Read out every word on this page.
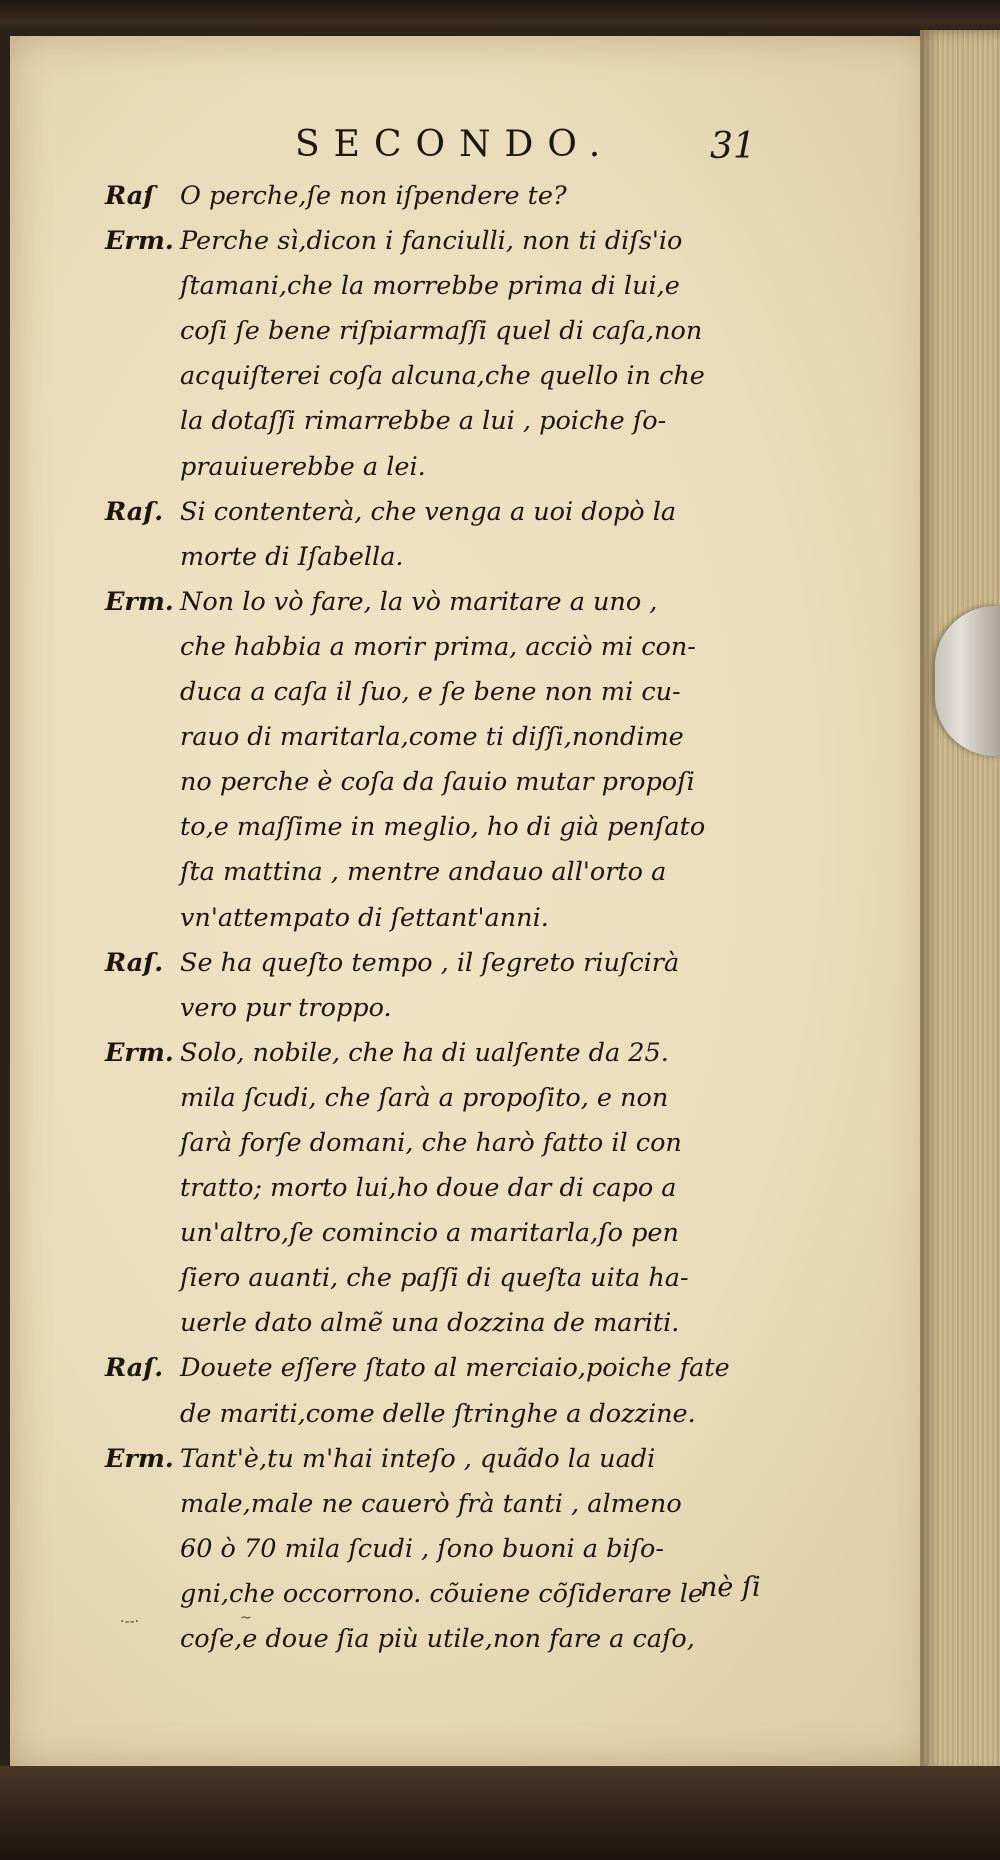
SECONDO.	31
Raſ	O perche,ſe non iſpendere te?
Erm. Perche sì,dicon i fanciulli, non ti diſs'io
ſtamani,che la morrebbe prima di lui,e
coſi ſe bene riſpiarmaſſi quel di caſa,non
acquiſterei coſa alcuna,che quello in che
la dotaſſi rimarrebbe a lui , poiche ſo-
prauiuerebbe a lei.
Raſ. Si contenterà, che venga a uoi dopò la
morte di Iſabella.
Erm. Non lo vò fare, la vò maritare a uno ,
che habbia a morir prima, acciò mi con-
duca a caſa il ſuo, e ſe bene non mi cu-
rauo di maritarla,come ti diſſi,nondime
no perche è coſa da ſauio mutar propoſi
to,e maſſime in meglio, ho di già penſato
ſta mattina , mentre andauo all'orto a
vn'attempato di ſettant'anni.
Raſ. Se ha queſto tempo , il ſegreto riuſcirà
vero pur troppo.
Erm. Solo, nobile, che ha di ualſente da 25.
mila ſcudi, che ſarà a propoſito, e non
ſarà forſe domani, che harò fatto il con
tratto; morto lui,ho doue dar di capo a
un'altro,ſe comincio a maritarla,ſo pen
ſiero auanti, che paſſi di queſta uita ha-
uerle dato almẽ una dozzina de mariti.
Raſ. Douete eſſere ſtato al merciaio,poiche fate
de mariti,come delle ſtringhe a dozzine.
Erm. Tant'è,tu m'hai inteſo , quãdo la uadi
male,male ne cauerò frà tanti , almeno
60 ò 70 mila ſcudi , ſono buoni a biſo-
gni,che occorrono. cõuiene cõſiderare le
coſe,e doue ſia più utile,non fare a caſo,
nè ſi
·--·	~
